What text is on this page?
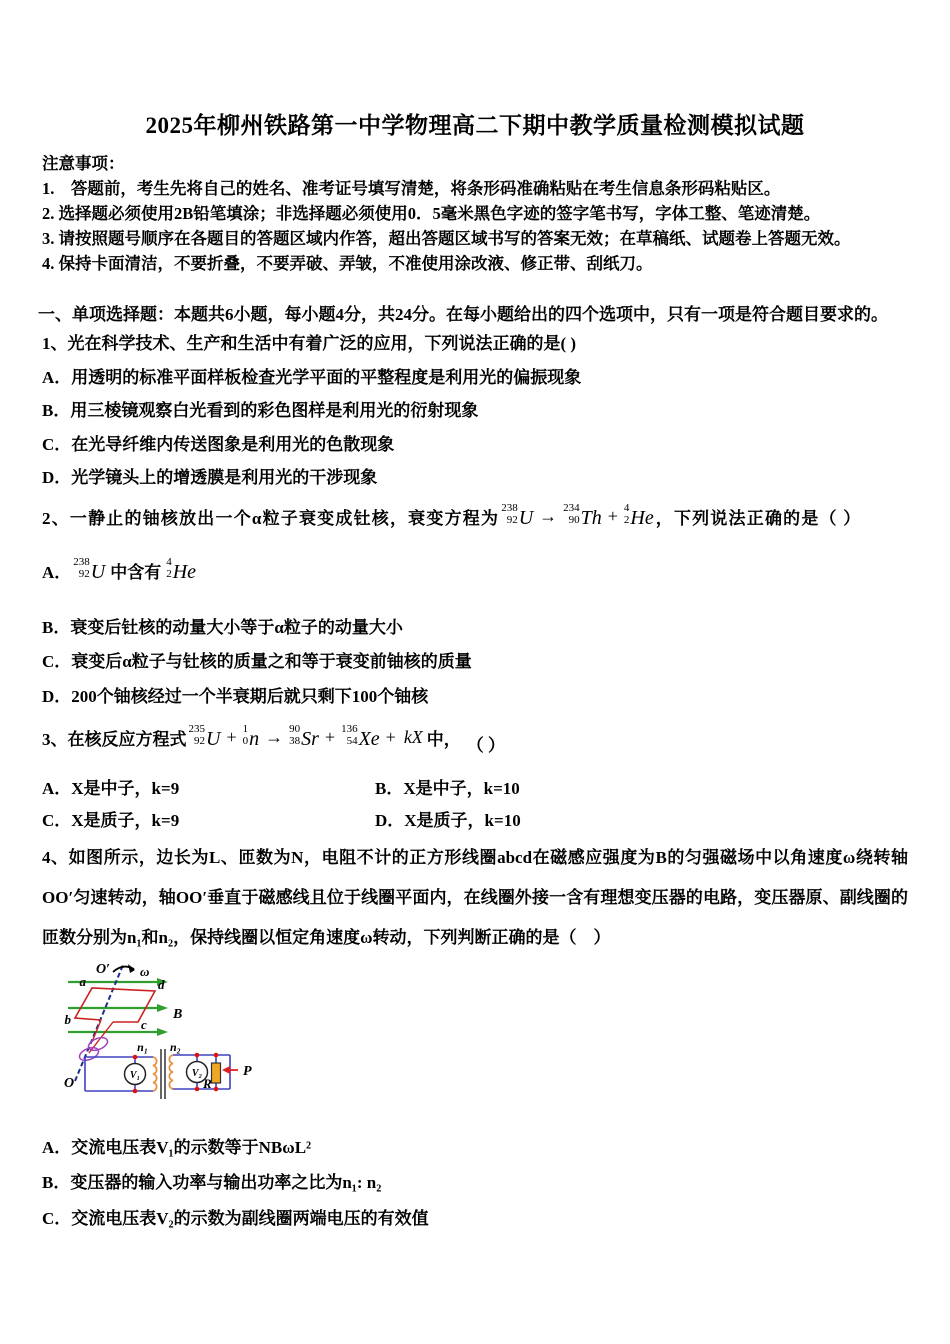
2025年柳州铁路第一中学物理高二下期中教学质量检测模拟试题

注意事项：

1.　答题前，考生先将自己的姓名、准考证号填写清楚，将条形码准确粘贴在考生信息条形码粘贴区。

2. 选择题必须使用2B铅笔填涂；非选择题必须使用0．5毫米黑色字迹的签字笔书写，字体工整、笔迹清楚。

3. 请按照题号顺序在各题目的答题区域内作答，超出答题区域书写的答案无效；在草稿纸、试题卷上答题无效。

4. 保持卡面清洁，不要折叠，不要弄破、弄皱，不准使用涂改液、修正带、刮纸刀。

一、单项选择题：本题共6小题，每小题4分，共24分。在每小题给出的四个选项中，只有一项是符合题目要求的。

1、光在科学技术、生产和生活中有着广泛的应用，下列说法正确的是( )

A．用透明的标准平面样板检查光学平面的平整程度是利用光的偏振现象

B．用三棱镜观察白光看到的彩色图样是利用光的衍射现象

C．在光导纤维内传送图象是利用光的色散现象

D．光学镜头上的增透膜是利用光的干涉现象

2、一静止的铀核放出一个α粒子衰变成钍核，衰变方程为
238
92 U → 234
90 Th + 4
2 He ，下列说法正确的是（ ）
A．
238
92 U 中含有
4
2 He

B．衰变后钍核的动量大小等于α粒子的动量大小

C．衰变后α粒子与钍核的质量之和等于衰变前铀核的质量

D．200个铀核经过一个半衰期后就只剩下100个铀核

3、在核反应方程式
235
92 U + 1
0 n → 90
38 Sr + 136
54 Xe + kX 中， （ ）

A．X是中子，k=9	B．X是中子，k=10

C．X是质子，k=9	D．X是质子，k=10

4、如图所示，边长为L、匝数为N，电阻不计的正方形线圈abcd在磁感应强度为B的匀强磁场中以角速度ω绕转轴OO′匀速转动，轴OO′垂直于磁感线且位于线圈平面内，在线圈外接一含有理想变压器的电路，变压器原、副线圈的匝数分别为n₁和n₂，保持线圈以恒定角速度ω转动，下列判断正确的是（　）

B
O′ ω
O
a	d
b	c
V₁
n₁ n₂
V₂
R
P

A．交流电压表V₁的示数等于NBωL²

B．变压器的输入功率与输出功率之比为n₁: n₂

C．交流电压表V₂的示数为副线圈两端电压的有效值
